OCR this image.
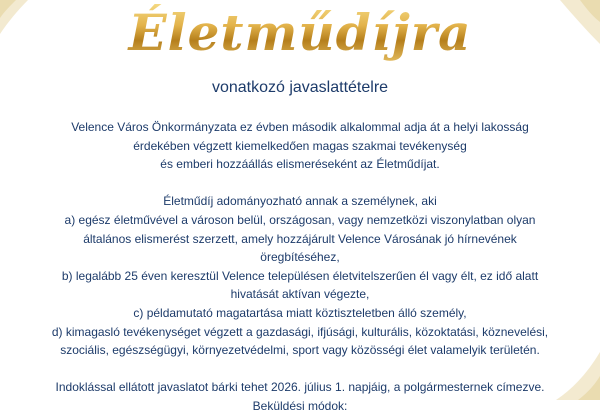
Életműdíjra
vonatkozó javaslattételre
Velence Város Önkormányzata ez évben második alkalommal adja át a helyi lakosság
érdekében végzett kiemelkedően magas szakmai tevékenység
és emberi hozzáállás elismeréseként az Életműdíjat.
Életműdíj adományozható annak a személynek, aki
a) egész életművével a városon belül, országosan, vagy nemzetközi viszonylatban olyan
általános elismerést szerzett, amely hozzájárult Velence Városának jó hírnevének
öregbítéséhez,
b) legalább 25 éven keresztül Velence településen életvitelszerűen él vagy élt, ez idő alatt
hivatását aktívan végezte,
c) példamutató magatartása miatt köztiszteletben álló személy,
d) kimagasló tevékenységet végzett a gazdasági, ifjúsági, kulturális, közoktatási, köznevelési,
szociális, egészségügyi, környezetvédelmi, sport vagy közösségi élet valamelyik területén.
Indoklással ellátott javaslatot bárki tehet 2026. július 1. napjáig, a polgármesternek címezve.
Beküldési módok:
